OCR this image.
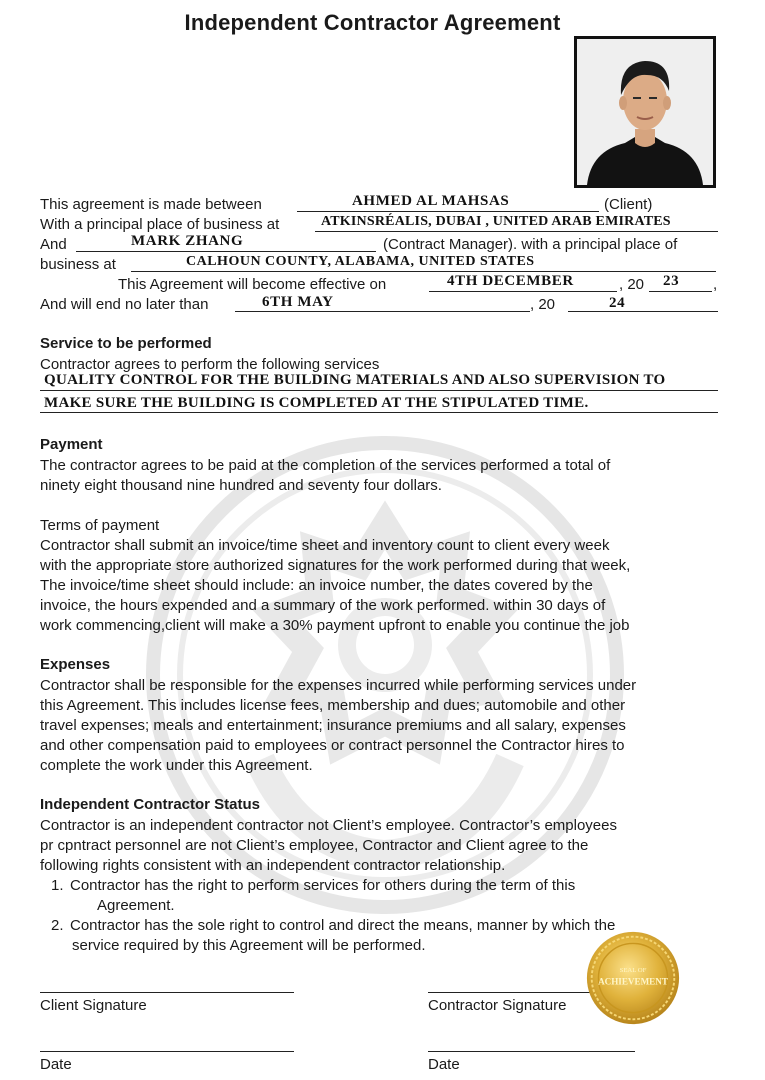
Independent Contractor Agreement
This agreement is made between	AHMED AL MAHSAS	(Client)
With a principal place of business at	ATKINSRÉALIS, DUBAI , UNITED ARAB EMIRATES
And	MARK ZHANG	(Contract Manager). with a principal place of
business at	CALHOUN COUNTY, ALABAMA, UNITED STATES
This Agreement will become effective on	4TH DECEMBER	, 20 23 ,
And will end no later than	6TH MAY	, 20	24
Service to be performed
Contractor agrees to perform the following services
QUALITY CONTROL FOR THE BUILDING MATERIALS AND ALSO SUPERVISION TO
MAKE SURE THE BUILDING IS COMPLETED AT THE STIPULATED TIME.
Payment
The contractor agrees to be paid at the completion of the services performed a total of
ninety eight thousand nine hundred and seventy four dollars.
Terms of payment
Contractor shall submit an invoice/time sheet and inventory count to client every week
with the appropriate store authorized signatures for the work performed during that week,
The invoice/time sheet should include: an invoice number, the dates covered by the
invoice, the hours expended and a summary of the work performed. within 30 days of
work commencing,client will make a 30% payment upfront to enable you continue the job
Expenses
Contractor shall be responsible for the expenses incurred while performing services under
this Agreement. This includes license fees, membership and dues; automobile and other
travel expenses; meals and entertainment; insurance premiums and all salary, expenses
and other compensation paid to employees or contract personnel the Contractor hires to
complete the work under this Agreement.
Independent Contractor Status
Contractor is an independent contractor not Client’s employee. Contractor’s employees
pr cpntract personnel are not Client’s employee, Contractor and Client agree to the
following rights consistent with an independent contractor relationship.
1. Contractor has the right to perform services for others during the term of this
Agreement.
2. Contractor has the sole right to control and direct the means, manner by which the
service required by this Agreement will be performed.
Client Signature	Contractor Signature
Date	Date
SEAL OF
ACHIEVEMENT
